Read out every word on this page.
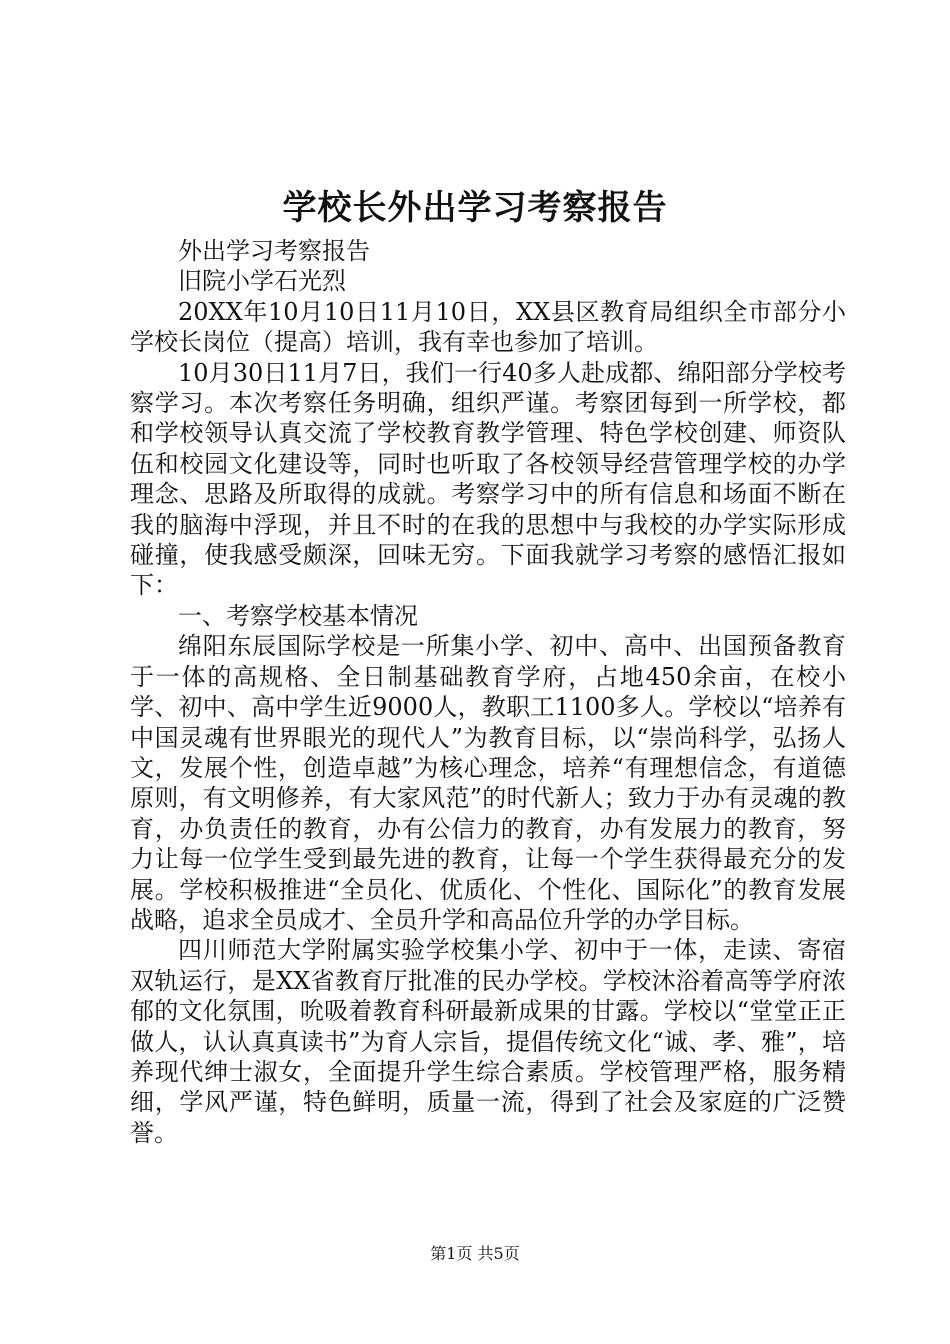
学校长外出学习考察报告

外出学习考察报告

旧院小学石光烈

20XX年10月10日11月10日，XX县区教育局组织全市部分小学校长岗位（提高）培训，我有幸也参加了培训。

10月30日11月7日，我们一行40多人赴成都、绵阳部分学校考察学习。本次考察任务明确，组织严谨。考察团每到一所学校，都和学校领导认真交流了学校教育教学管理、特色学校创建、师资队伍和校园文化建设等，同时也听取了各校领导经营管理学校的办学理念、思路及所取得的成就。考察学习中的所有信息和场面不断在我的脑海中浮现，并且不时的在我的思想中与我校的办学实际形成碰撞，使我感受颇深，回味无穷。下面我就学习考察的感悟汇报如下：

一、考察学校基本情况

绵阳东辰国际学校是一所集小学、初中、高中、出国预备教育于一体的高规格、全日制基础教育学府，占地450余亩，在校小学、初中、高中学生近9000人，教职工1100多人。学校以“培养有中国灵魂有世界眼光的现代人”为教育目标，以“崇尚科学，弘扬人文，发展个性，创造卓越”为核心理念，培养“有理想信念，有道德原则，有文明修养，有大家风范”的时代新人；致力于办有灵魂的教育，办负责任的教育，办有公信力的教育，办有发展力的教育，努力让每一位学生受到最先进的教育，让每一个学生获得最充分的发展。学校积极推进“全员化、优质化、个性化、国际化”的教育发展战略，追求全员成才、全员升学和高品位升学的办学目标。

四川师范大学附属实验学校集小学、初中于一体，走读、寄宿双轨运行，是XX省教育厅批准的民办学校。学校沐浴着高等学府浓郁的文化氛围，吮吸着教育科研最新成果的甘露。学校以“堂堂正正做人，认认真真读书”为育人宗旨，提倡传统文化“诚、孝、雅”，培养现代绅士淑女，全面提升学生综合素质。学校管理严格，服务精细，学风严谨，特色鲜明，质量一流，得到了社会及家庭的广泛赞誉。

第1页 共5页
